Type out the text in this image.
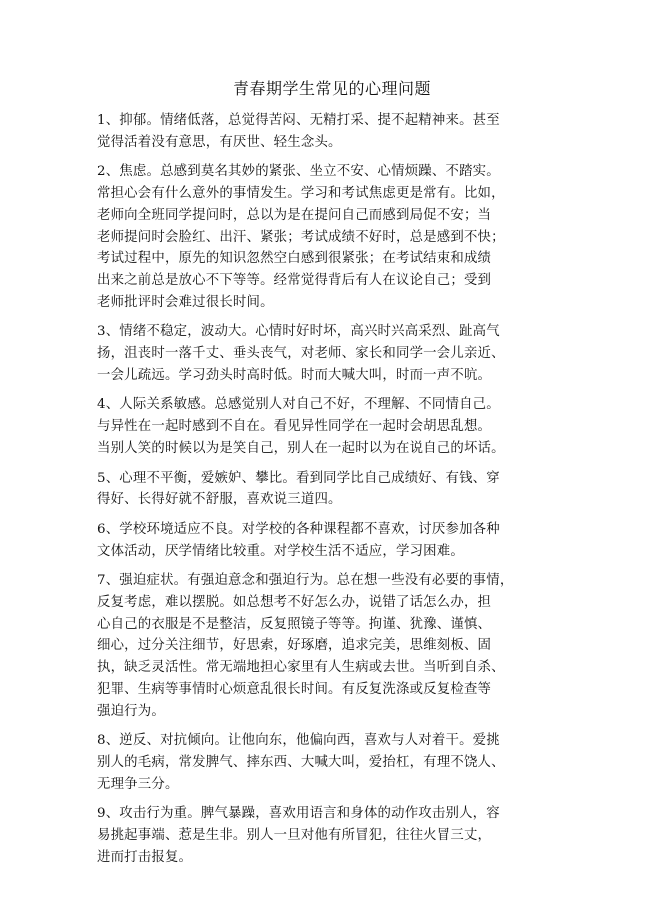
青春期学生常见的心理问题
1、抑郁。情绪低落，总觉得苦闷、无精打采、提不起精神来。甚至
觉得活着没有意思，有厌世、轻生念头。
2、焦虑。总感到莫名其妙的紧张、坐立不安、心情烦躁、不踏实。
常担心会有什么意外的事情发生。学习和考试焦虑更是常有。比如，
老师向全班同学提问时，总以为是在提问自己而感到局促不安；当
老师提问时会脸红、出汗、紧张；考试成绩不好时，总是感到不快；
考试过程中，原先的知识忽然空白感到很紧张；在考试结束和成绩
出来之前总是放心不下等等。经常觉得背后有人在议论自己；受到
老师批评时会难过很长时间。
3、情绪不稳定，波动大。心情时好时坏，高兴时兴高采烈、趾高气
扬，沮丧时一落千丈、垂头丧气，对老师、家长和同学一会儿亲近、
一会儿疏远。学习劲头时高时低。时而大喊大叫，时而一声不吭。
4、人际关系敏感。总感觉别人对自己不好，不理解、不同情自己。
与异性在一起时感到不自在。看见异性同学在一起时会胡思乱想。
当别人笑的时候以为是笑自己，别人在一起时以为在说自己的坏话。
5、心理不平衡，爱嫉妒、攀比。看到同学比自己成绩好、有钱、穿
得好、长得好就不舒服，喜欢说三道四。
6、学校环境适应不良。对学校的各种课程都不喜欢，讨厌参加各种
文体活动，厌学情绪比较重。对学校生活不适应，学习困难。
7、强迫症状。有强迫意念和强迫行为。总在想一些没有必要的事情，
反复考虑，难以摆脱。如总想考不好怎么办，说错了话怎么办，担
心自己的衣服是不是整洁，反复照镜子等等。拘谨、犹豫、谨慎、
细心，过分关注细节，好思索，好琢磨，追求完美，思维刻板、固
执，缺乏灵活性。常无端地担心家里有人生病或去世。当听到自杀、
犯罪、生病等事情时心烦意乱很长时间。有反复洗涤或反复检查等
强迫行为。
8、逆反、对抗倾向。让他向东，他偏向西，喜欢与人对着干。爱挑
别人的毛病，常发脾气、摔东西、大喊大叫，爱抬杠，有理不饶人、
无理争三分。
9、攻击行为重。脾气暴躁，喜欢用语言和身体的动作攻击别人，容
易挑起事端、惹是生非。别人一旦对他有所冒犯，往往火冒三丈，
进而打击报复。
